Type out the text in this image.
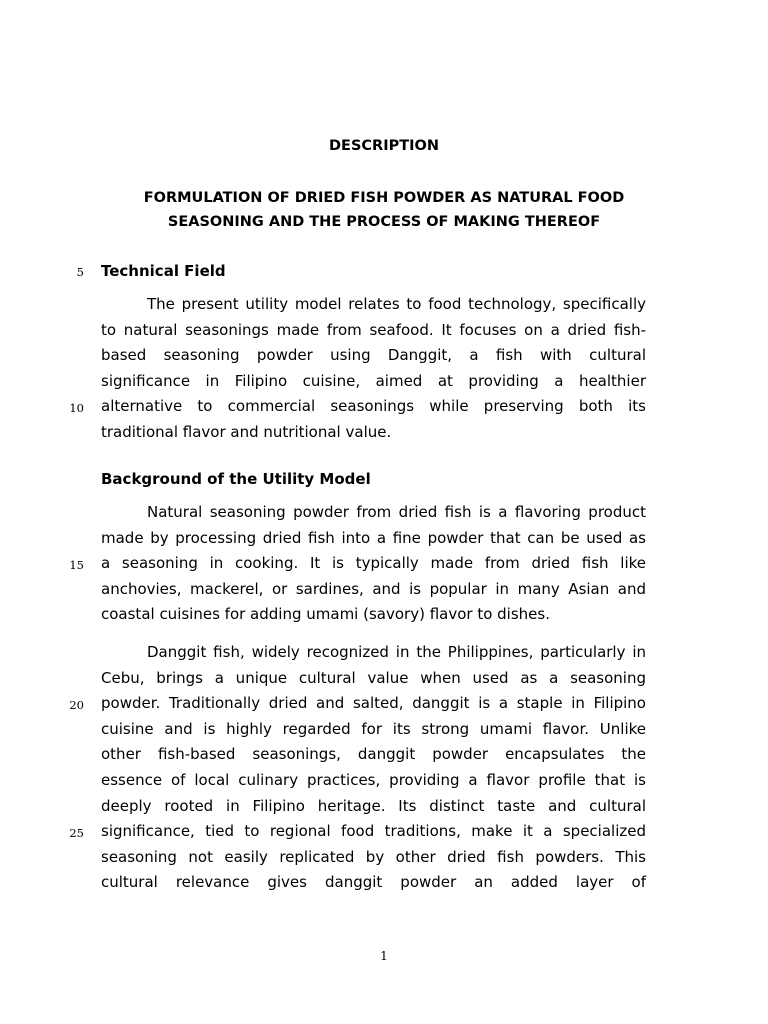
DESCRIPTION
FORMULATION OF DRIED FISH POWDER AS NATURAL FOOD
SEASONING AND THE PROCESS OF MAKING THEREOF
5 Technical Field
The present utility model relates to food technology, specifically
to natural seasonings made from seafood. It focuses on a dried fish-
based seasoning powder using Danggit, a fish with cultural
significance in Filipino cuisine, aimed at providing a healthier
alternative to commercial seasonings while preserving both its
traditional flavor and nutritional value.
10
Background of the Utility Model
Natural seasoning powder from dried fish is a flavoring product
made by processing dried fish into a fine powder that can be used as
a seasoning in cooking. It is typically made from dried fish like
anchovies, mackerel, or sardines, and is popular in many Asian and
coastal cuisines for adding umami (savory) flavor to dishes.
15
Danggit fish, widely recognized in the Philippines, particularly in
Cebu, brings a unique cultural value when used as a seasoning
powder. Traditionally dried and salted, danggit is a staple in Filipino
cuisine and is highly regarded for its strong umami flavor. Unlike
other fish-based seasonings, danggit powder encapsulates the
essence of local culinary practices, providing a flavor profile that is
deeply rooted in Filipino heritage. Its distinct taste and cultural
significance, tied to regional food traditions, make it a specialized
seasoning not easily replicated by other dried fish powders. This
cultural relevance gives danggit powder an added layer of
20
25
1
